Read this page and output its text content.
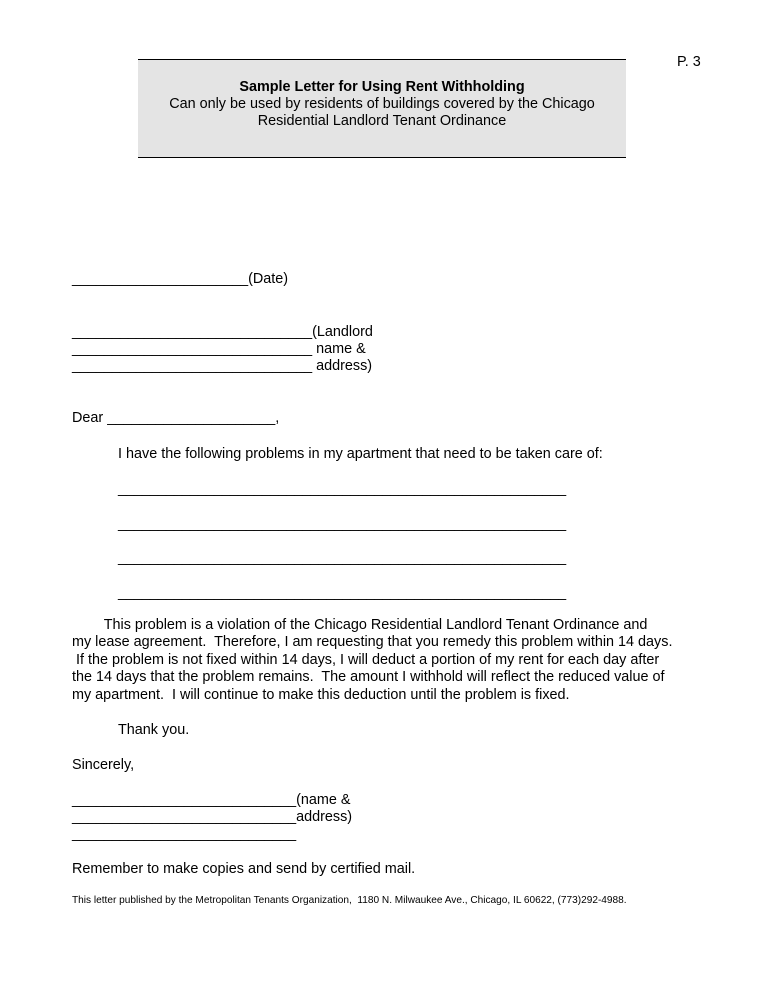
P. 3
Sample Letter for Using Rent Withholding
Can only be used by residents of buildings covered by the Chicago
Residential Landlord Tenant Ordinance
______________________(Date)
______________________________(Landlord
______________________________ name &
______________________________ address)
Dear _____________________,
I have the following problems in my apartment that need to be taken care of:
________________________________________________________
________________________________________________________
________________________________________________________
________________________________________________________
This problem is a violation of the Chicago Residential Landlord Tenant Ordinance and
my lease agreement.  Therefore, I am requesting that you remedy this problem within 14 days.
If the problem is not fixed within 14 days, I will deduct a portion of my rent for each day after
the 14 days that the problem remains.  The amount I withhold will reflect the reduced value of
my apartment.  I will continue to make this deduction until the problem is fixed.
Thank you.
Sincerely,
____________________________(name &
____________________________address)
____________________________
Remember to make copies and send by certified mail.
This letter published by the Metropolitan Tenants Organization,  1180 N. Milwaukee Ave., Chicago, IL 60622, (773)292-4988.
